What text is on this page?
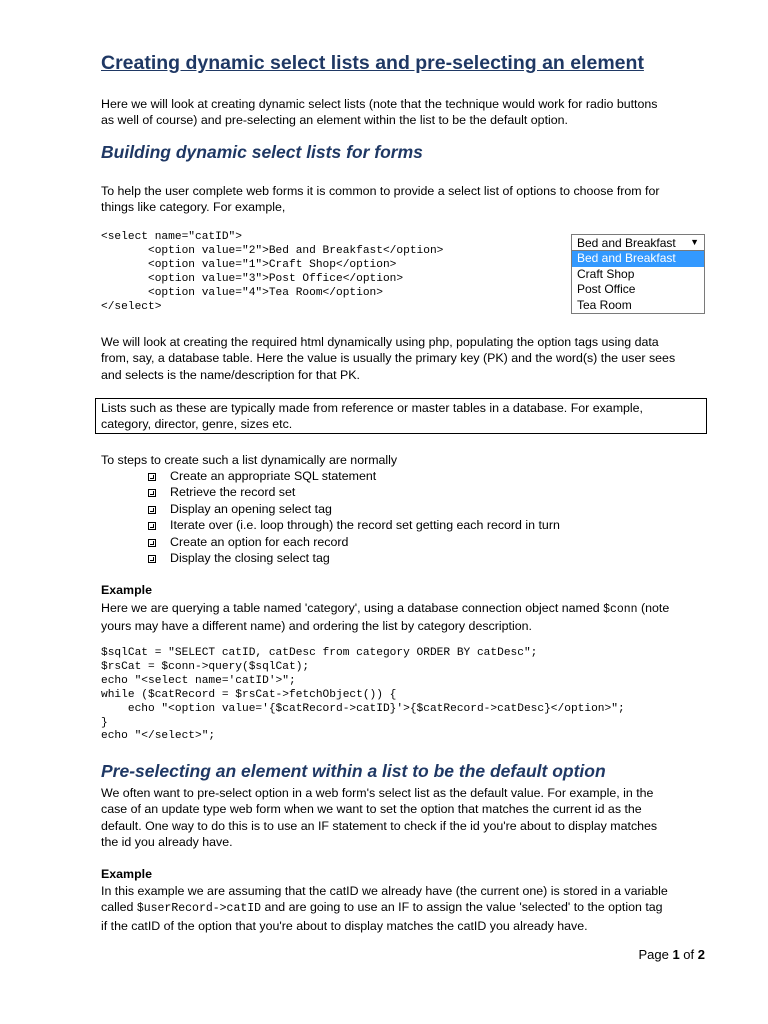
Creating dynamic select lists and pre-selecting an element

Here we will look at creating dynamic select lists (note that the technique would work for radio buttons
as well of course) and pre-selecting an element within the list to be the default option.

Building dynamic select lists for forms

To help the user complete web forms it is common to provide a select list of options to choose from for
things like category. For example,

<select name="catID">
<option value="2">Bed and Breakfast</option>
<option value="1">Craft Shop</option>
<option value="3">Post Office</option>
<option value="4">Tea Room</option>
</select>
Bed and Breakfast ▼
Bed and Breakfast
Craft Shop
Post Office
Tea Room

We will look at creating the required html dynamically using php, populating the option tags using data
from, say, a database table. Here the value is usually the primary key (PK) and the word(s) the user sees
and selects is the name/description for that PK.

Lists such as these are typically made from reference or master tables in a database. For example,
category, director, genre, sizes etc.

To steps to create such a list dynamically are normally

Create an appropriate SQL statement
Retrieve the record set
Display an opening select tag
Iterate over (i.e. loop through) the record set getting each record in turn
Create an option for each record
Display the closing select tag

Example

Here we are querying a table named 'category', using a database connection object named $conn (note
yours may have a different name) and ordering the list by category description.

$sqlCat = "SELECT catID, catDesc from category ORDER BY catDesc";
$rsCat = $conn->query($sqlCat);
echo "<select name='catID'>";
while ($catRecord = $rsCat->fetchObject()) {
echo "<option value='{$catRecord->catID}'>{$catRecord->catDesc}</option>";
}
echo "</select>";
Pre-selecting an element within a list to be the default option

We often want to pre-select option in a web form's select list as the default value. For example, in the
case of an update type web form when we want to set the option that matches the current id as the
default. One way to do this is to use an IF statement to check if the id you're about to display matches
the id you already have.

Example

In this example we are assuming that the catID we already have (the current one) is stored in a variable
called $userRecord->catID and are going to use an IF to assign the value 'selected' to the option tag
if the catID of the option that you're about to display matches the catID you already have.

Page 1 of 2
